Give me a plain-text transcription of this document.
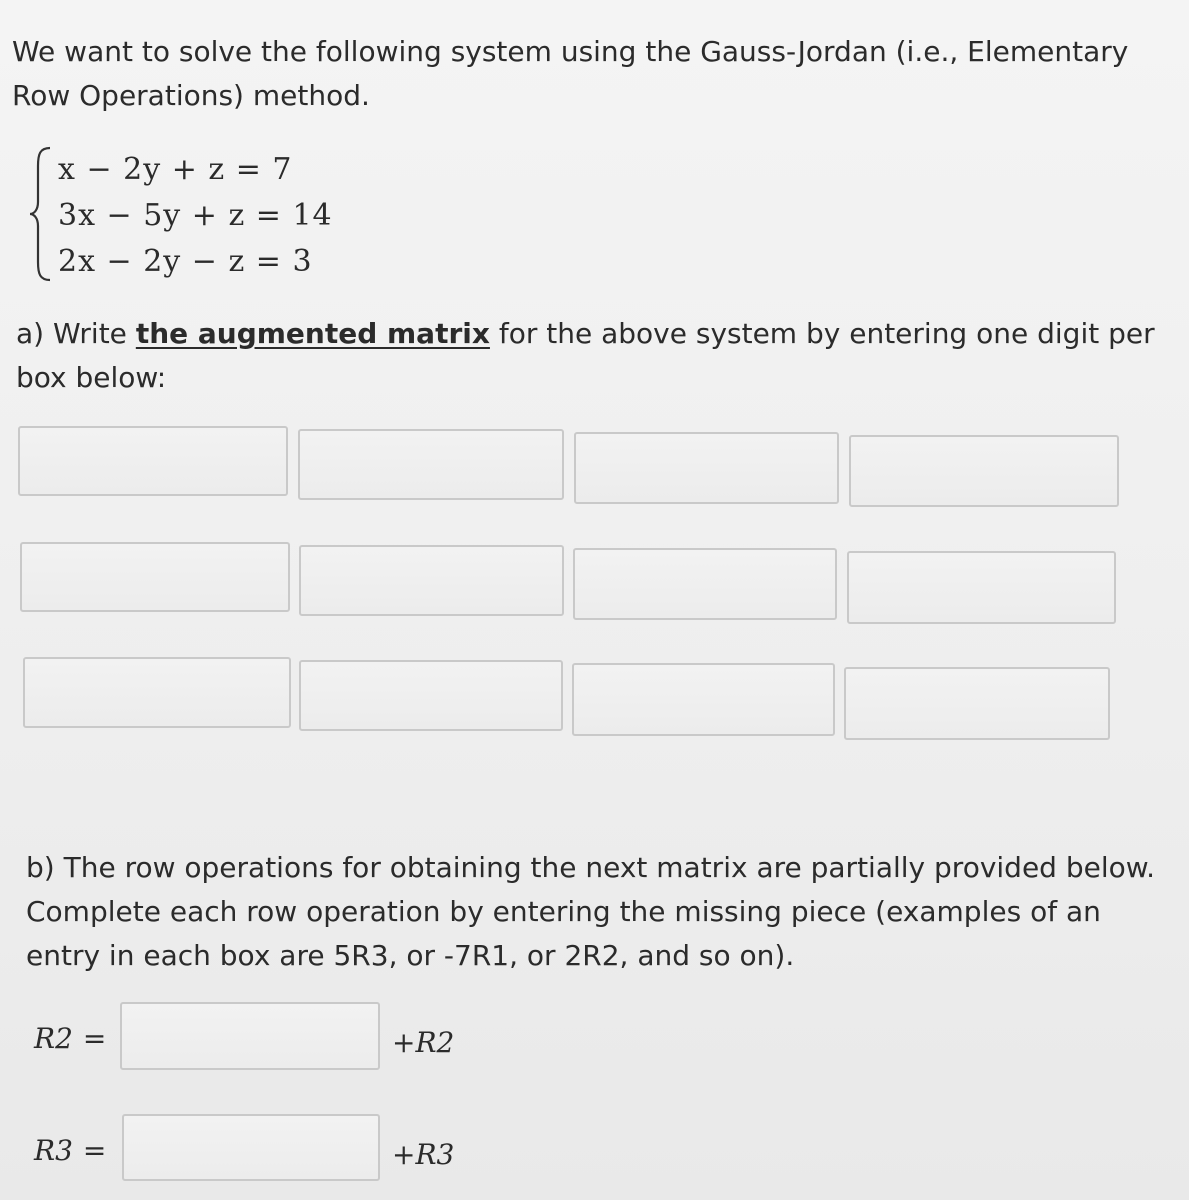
We want to solve the following system using the Gauss-Jordan (i.e., Elementary Row Operations) method.

x − 2y + z = 7
3x − 5y + z = 14
2x − 2y − z = 3

a) Write the augmented matrix for the above system by entering one digit per box below:

b) The row operations for obtaining the next matrix are partially provided below. Complete each row operation by entering the missing piece (examples of an entry in each box are 5R3, or -7R1, or 2R2, and so on).

R2 =	+R2
R3 =	+R3
